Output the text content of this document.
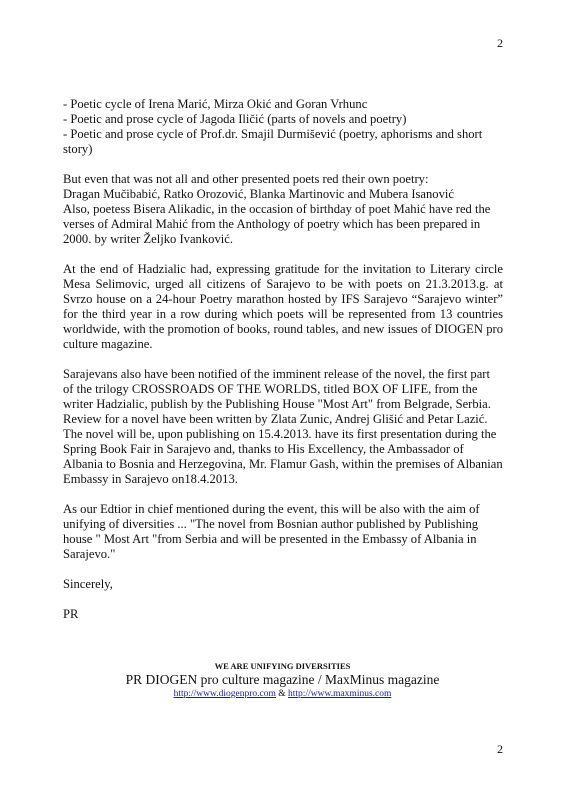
2

- Poetic cycle of Irena Marić, Mirza Okić and Goran Vrhunc
- Poetic and prose cycle of Jagoda Iličić (parts of novels and poetry)
- Poetic and prose cycle of Prof.dr. Smajil Durmišević (poetry, aphorisms and short story)

But even that was not all and other presented poets red their own poetry:
Dragan Mučibabić, Ratko Orozović, Blanka Martinovic and Mubera Isanović
Also, poetess Bisera Alikadic, in the occasion of birthday of poet Mahić have red the verses of Admiral Mahić from the Anthology of poetry which has been prepared in 2000. by writer Željko Ivanković.

At the end of Hadzialic had, expressing gratitude for the invitation to Literary circle Mesa Selimovic, urged all citizens of Sarajevo to be with poets on 21.3.2013.g. at Svrzo house on a 24-hour Poetry marathon hosted by IFS Sarajevo “Sarajevo winter” for the third year in a row during which poets will be represented from 13 countries worldwide, with the promotion of books, round tables, and new issues of DIOGEN pro culture magazine.

Sarajevans also have been notified of the imminent release of the novel, the first part of the trilogy CROSSROADS OF THE WORLDS, titled BOX OF LIFE, from the writer Hadzialic, publish by the Publishing House "Most Art" from Belgrade, Serbia. Review for a novel have been written by Zlata Zunic, Andrej Glišić and Petar Lazić. The novel will be, upon publishing on 15.4.2013. have its first presentation during the Spring Book Fair in Sarajevo and, thanks to His Excellency, the Ambassador of Albania to Bosnia and Herzegovina, Mr. Flamur Gash, within the premises of Albanian Embassy in Sarajevo on18.4.2013.

As our Edtior in chief mentioned during the event, this will be also with the aim of unifying of diversities ... "The novel from Bosnian author published by Publishing house " Most Art "from Serbia and will be presented in the Embassy of Albania in Sarajevo."

Sincerely,

PR

WE ARE UNIFYING DIVERSITIES
PR DIOGEN pro culture magazine / MaxMinus magazine
http://www.diogenpro.com & http://www.maxminus.com
2
